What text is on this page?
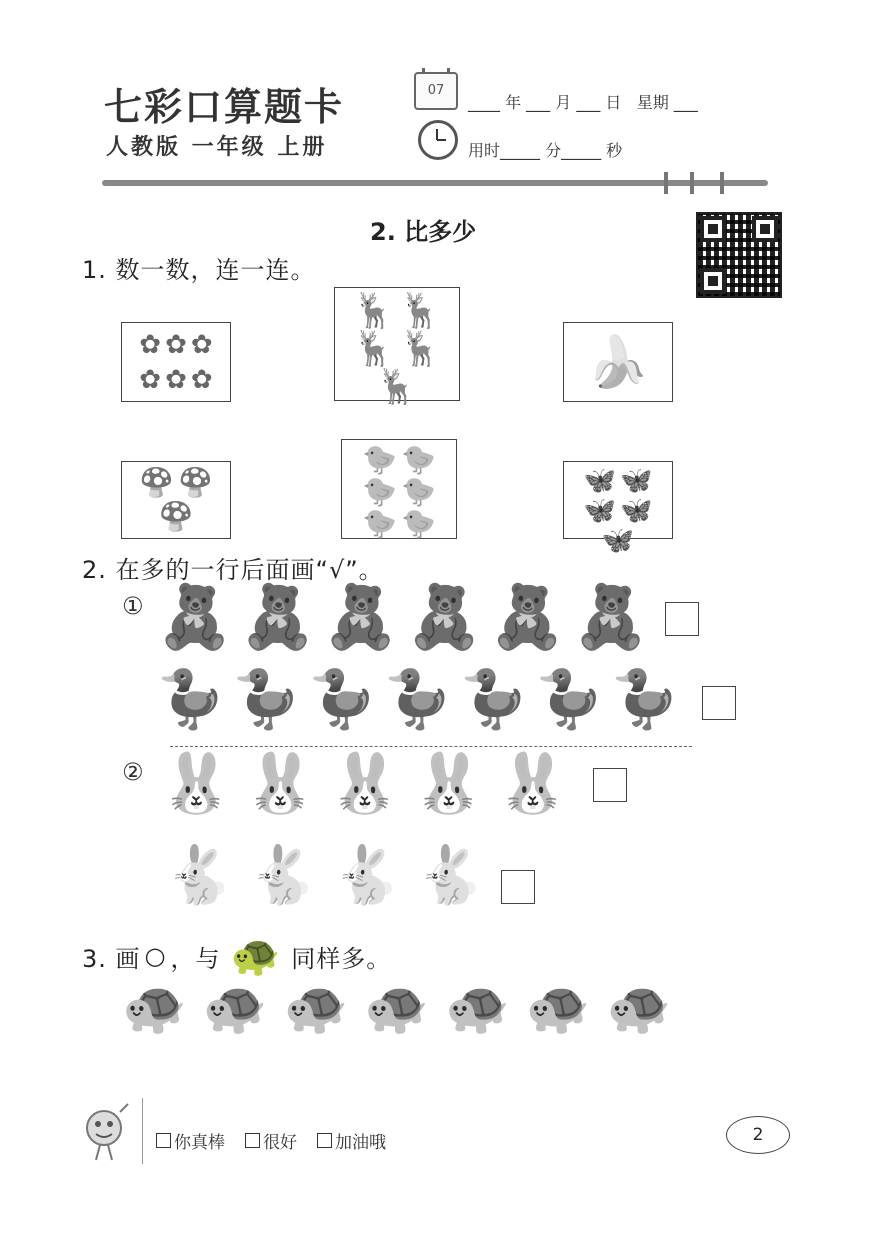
七彩口算题卡
人教版 一年级 上册
07
____ 年 ___ 月 ___ 日   星期 ___
用时_____ 分_____ 秒
2. 比多少
1. 数一数，连一连。
✿ ✿ ✿
✿ ✿ ✿
🦌 🦌
🦌 🦌
🦌	🍌
🍄 🍄
🍄
🐤 🐤
🐤 🐤
🐤 🐤
🦋 🦋
🦋 🦋
🦋
2. 在多的一行后面画“√”。
① 🧸 🧸 🧸 🧸 🧸 🧸
🦆 🦆 🦆 🦆 🦆 🦆 🦆
② 🐰 🐰 🐰 🐰 🐰
🐇 🐇 🐇 🐇
3. 画 ○ ，与 🐢 同样多。
🐢 🐢 🐢 🐢 🐢 🐢 🐢
你真棒 很好 加油哦	2
